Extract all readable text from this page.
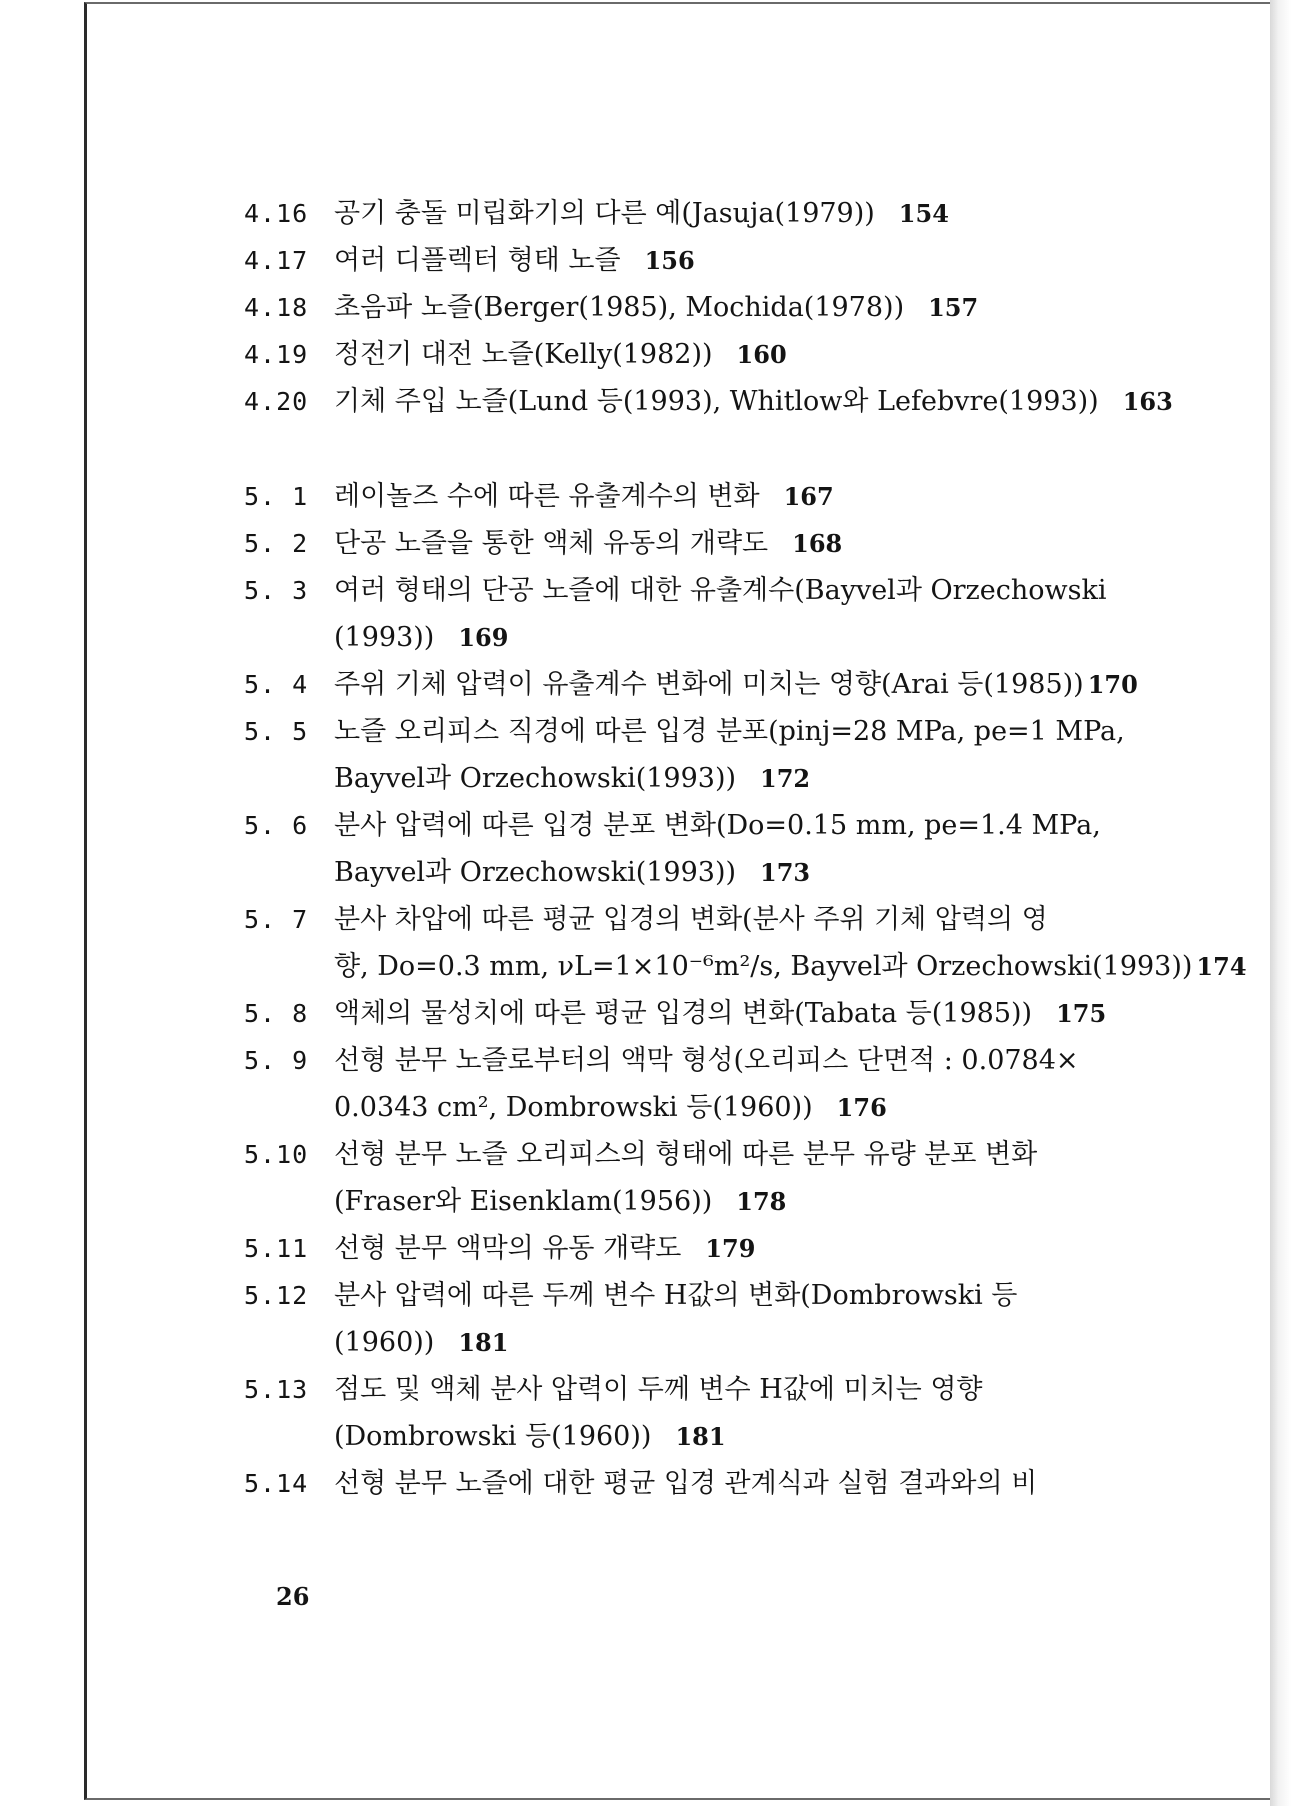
4.16 공기 충돌 미립화기의 다른 예(Jasuja(1979)) 154
4.17 여러 디플렉터 형태 노즐 156
4.18 초음파 노즐(Berger(1985), Mochida(1978)) 157
4.19 정전기 대전 노즐(Kelly(1982)) 160
4.20 기체 주입 노즐(Lund 등(1993), Whitlow와 Lefebvre(1993)) 163
5. 1 레이놀즈 수에 따른 유출계수의 변화 167
5. 2 단공 노즐을 통한 액체 유동의 개략도 168
5. 3 여러 형태의 단공 노즐에 대한 유출계수(Bayvel과 Orzechowski
(1993)) 169
5. 4 주위 기체 압력이 유출계수 변화에 미치는 영향(Arai 등(1985)) 170
5. 5 노즐 오리피스 직경에 따른 입경 분포(pinj=28 MPa, pe=1 MPa,
Bayvel과 Orzechowski(1993)) 172
5. 6 분사 압력에 따른 입경 분포 변화(Do=0.15 mm, pe=1.4 MPa,
Bayvel과 Orzechowski(1993)) 173
5. 7 분사 차압에 따른 평균 입경의 변화(분사 주위 기체 압력의 영
향, Do=0.3 mm, νL=1×10⁻⁶m²/s, Bayvel과 Orzechowski(1993)) 174
5. 8 액체의 물성치에 따른 평균 입경의 변화(Tabata 등(1985)) 175
5. 9 선형 분무 노즐로부터의 액막 형성(오리피스 단면적 : 0.0784×
0.0343 cm², Dombrowski 등(1960)) 176
5.10 선형 분무 노즐 오리피스의 형태에 따른 분무 유량 분포 변화
(Fraser와 Eisenklam(1956)) 178
5.11 선형 분무 액막의 유동 개략도 179
5.12 분사 압력에 따른 두께 변수 H값의 변화(Dombrowski 등
(1960)) 181
5.13 점도 및 액체 분사 압력이 두께 변수 H값에 미치는 영향
(Dombrowski 등(1960)) 181
5.14 선형 분무 노즐에 대한 평균 입경 관계식과 실험 결과와의 비
26
